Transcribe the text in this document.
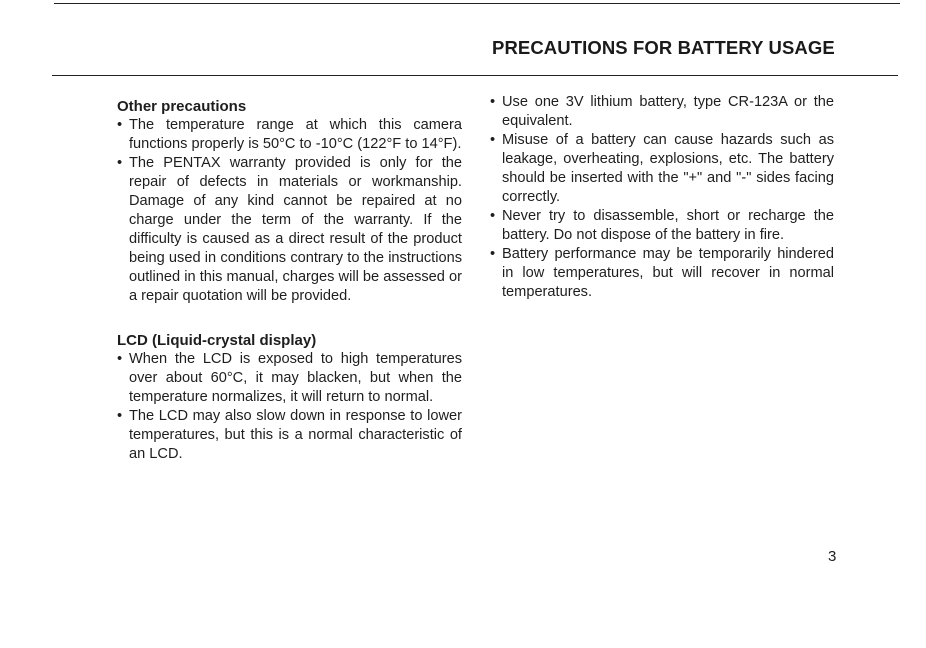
PRECAUTIONS FOR BATTERY USAGE

Other precautions

• The temperature range at which this camera functions properly is 50°C to -10°C (122°F to 14°F).
• The PENTAX warranty provided is only for the repair of defects in materials or workmanship. Damage of any kind cannot be repaired at no charge under the term of the warranty. If the difficulty is caused as a direct result of the product being used in conditions contrary to the instructions outlined in this manual, charges will be assessed or a repair quotation will be provided.

LCD (Liquid-crystal display)

• When the LCD is exposed to high temperatures over about 60°C, it may blacken, but when the temperature normalizes, it will return to normal.
• The LCD may also slow down in response to lower temperatures, but this is a normal characteristic of an LCD.
• Use one 3V lithium battery, type CR-123A or the equivalent.
• Misuse of a battery can cause hazards such as leakage, overheating, explosions, etc. The battery should be inserted with the "+" and "-" sides facing correctly.
• Never try to disassemble, short or recharge the battery. Do not dispose of the battery in fire.
• Battery performance may be temporarily hindered in low temperatures, but will recover in normal temperatures.
3
